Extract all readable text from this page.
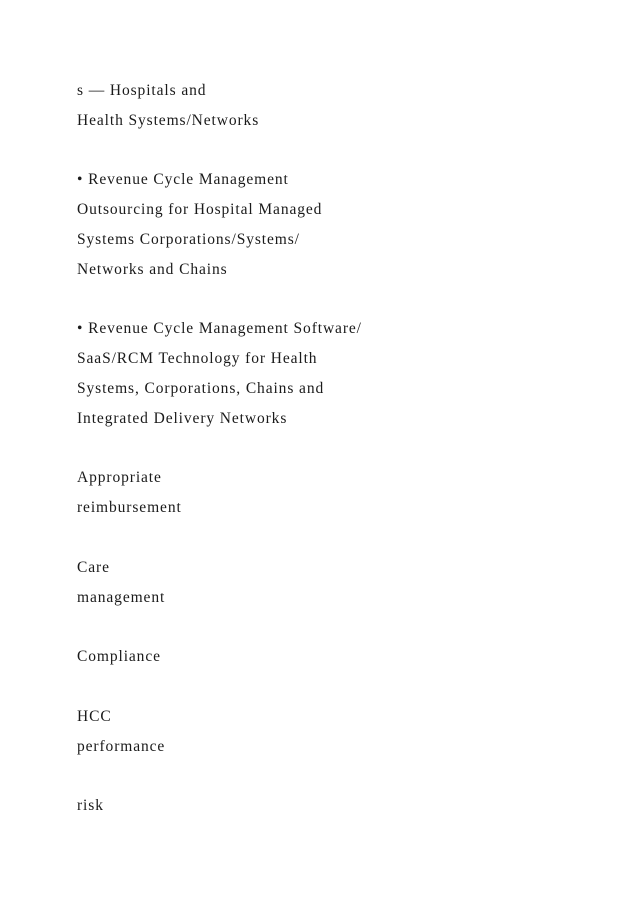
s — Hospitals and
Health Systems/Networks
• Revenue Cycle Management
Outsourcing for Hospital Managed
Systems Corporations/Systems/
Networks and Chains
• Revenue Cycle Management Software/
SaaS/RCM Technology for Health
Systems, Corporations, Chains and
Integrated Delivery Networks
Appropriate
reimbursement
Care
management
Compliance
HCC
performance
risk
